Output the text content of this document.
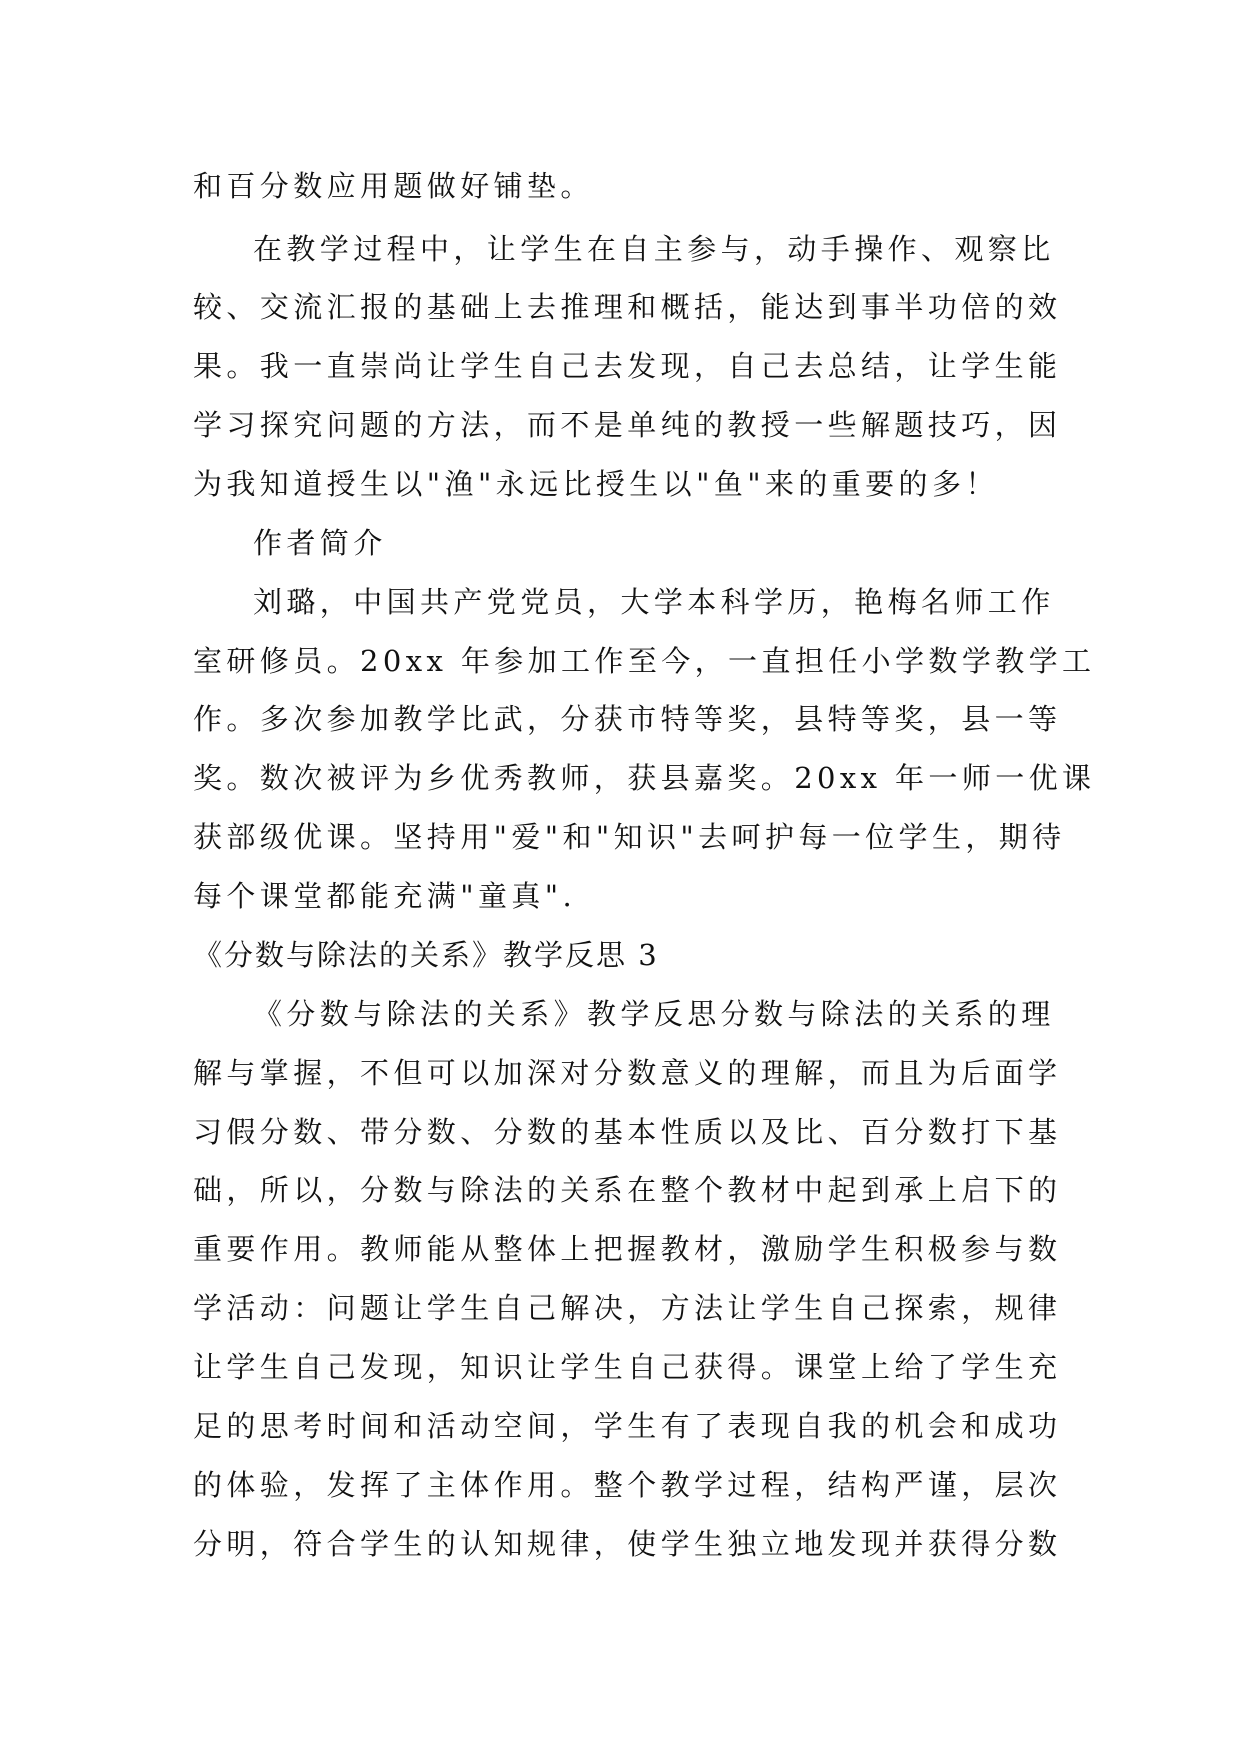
和百分数应用题做好铺垫。
在教学过程中，让学生在自主参与，动手操作、观察比
较、交流汇报的基础上去推理和概括，能达到事半功倍的效
果。我一直崇尚让学生自己去发现，自己去总结，让学生能
学习探究问题的方法，而不是单纯的教授一些解题技巧，因
为我知道授生以"渔"永远比授生以"鱼"来的重要的多！
作者简介
刘璐，中国共产党党员，大学本科学历，艳梅名师工作
室研修员。20xx 年参加工作至今，一直担任小学数学教学工
作。多次参加教学比武，分获市特等奖，县特等奖，县一等
奖。数次被评为乡优秀教师，获县嘉奖。20xx 年一师一优课
获部级优课。坚持用"爱"和"知识"去呵护每一位学生，期待
每个课堂都能充满"童真".
《分数与除法的关系》教学反思 3
《分数与除法的关系》教学反思分数与除法的关系的理
解与掌握，不但可以加深对分数意义的理解，而且为后面学
习假分数、带分数、分数的基本性质以及比、百分数打下基
础，所以，分数与除法的关系在整个教材中起到承上启下的
重要作用。教师能从整体上把握教材，激励学生积极参与数
学活动：问题让学生自己解决，方法让学生自己探索，规律
让学生自己发现，知识让学生自己获得。课堂上给了学生充
足的思考时间和活动空间，学生有了表现自我的机会和成功
的体验，发挥了主体作用。整个教学过程，结构严谨，层次
分明，符合学生的认知规律，使学生独立地发现并获得分数
